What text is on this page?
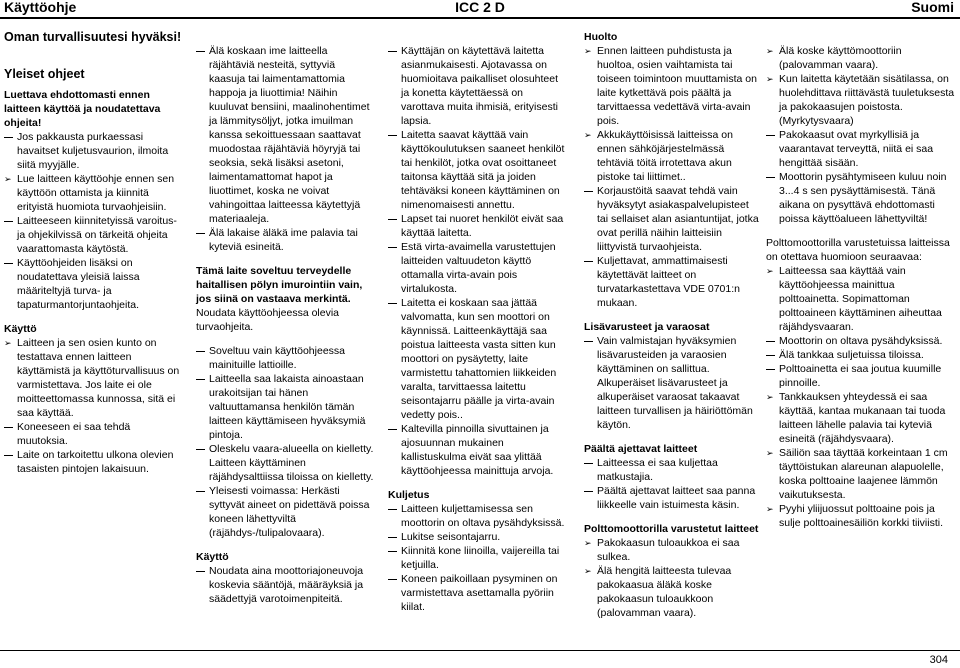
Käyttöohje	ICC 2 D	Suomi

Oman turvallisuutesi hyväksi!

Yleiset ohjeet

Luettava ehdottomasti ennen laitteen käyttöä ja noudatettava ohjeita!

Jos pakkausta purkaessasi havaitset kuljetusvaurion, ilmoita siitä myyjälle.
➢ Lue laitteen käyttöohje ennen sen käyttöön ottamista ja kiinnitä erityistä huomiota turvaohjeisiin.
Laitteeseen kiinnitetyissä varoitus- ja ohjekilvissä on tärkeitä ohjeita vaarattomasta käytöstä.
Käyttöohjeiden lisäksi on noudatettava yleisiä laissa määriteltyjä turva- ja tapaturmantorjuntaohjeita.

Käyttö

➢ Laitteen ja sen osien kunto on testattava ennen laitteen käyttämistä ja käyttöturvallisuus on varmistettava. Jos laite ei ole moitteettomassa kunnossa, sitä ei saa käyttää.
Koneeseen ei saa tehdä muutoksia.
Laite on tarkoitettu ulkona olevien tasaisten pintojen lakaisuun.
Älä koskaan ime laitteella räjähtäviä nesteitä, syttyviä kaasuja tai laimentamattomia happoja ja liuottimia! Näihin kuuluvat bensiini, maalinohentimet ja lämmitysöljyt, jotka imuilman kanssa sekoittuessaan saattavat muodostaa räjähtäviä höyryjä tai seoksia, sekä lisäksi asetoni, laimentamattomat hapot ja liuottimet, koska ne voivat vahingoittaa laitteessa käytettyjä materiaaleja.
Älä lakaise äläkä ime palavia tai kyteviä esineitä.

Tämä laite soveltuu terveydelle haitallisen pölyn imurointiin vain, jos siinä on vastaava merkintä.

Noudata käyttöohjeessa olevia turvaohjeita.

Soveltuu vain käyttöohjeessa mainituille lattioille.
Laitteella saa lakaista ainoastaan urakoitsijan tai hänen valtuuttamansa henkilön tämän laitteen käyttämiseen hyväksymiä pintoja.
Oleskelu vaara-alueella on kielletty. Laitteen käyttäminen räjähdysalttiissa tiloissa on kielletty.
Yleisesti voimassa: Herkästi syttyvät aineet on pidettävä poissa koneen lähettyviltä (räjähdys-/tulipalovaara).

Käyttö

Noudata aina moottoriajoneuvoja koskevia sääntöjä, määräyksiä ja säädettyjä varotoimenpiteitä.
Käyttäjän on käytettävä laitetta asianmukaisesti. Ajotavassa on huomioitava paikalliset olosuhteet ja konetta käytettäessä on varottava muita ihmisiä, erityisesti lapsia.
Laitetta saavat käyttää vain käyttökoulutuksen saaneet henkilöt tai henkilöt, jotka ovat osoittaneet taitonsa käyttää sitä ja joiden tehtäväksi koneen käyttäminen on nimenomaisesti annettu.
Lapset tai nuoret henkilöt eivät saa käyttää laitetta.
Estä virta-avaimella varustettujen laitteiden valtuudeton käyttö ottamalla virta-avain pois virtalukosta.
Laitetta ei koskaan saa jättää valvomatta, kun sen moottori on käynnissä. Laitteenkäyttäjä saa poistua laitteesta vasta sitten kun moottori on pysäytetty, laite varmistettu tahattomien liikkeiden varalta, tarvittaessa laitettu seisontajarru päälle ja virta-avain vedetty pois..
Kaltevilla pinnoilla sivuttainen ja ajosuunnan mukainen kallistuskulma eivät saa ylittää käyttöohjeessa mainittuja arvoja.

Kuljetus

Laitteen kuljettamisessa sen moottorin on oltava pysähdyksissä.
Lukitse seisontajarru.
Kiinnitä kone liinoilla, vaijereilla tai ketjuilla.
Koneen paikoillaan pysyminen on varmistettava asettamalla pyöriin kiilat.

Huolto

➢ Ennen laitteen puhdistusta ja huoltoa, osien vaihtamista tai toiseen toimintoon muuttamista on laite kytkettävä pois päältä ja tarvittaessa vedettävä virta-avain pois.
➢ Akkukäyttöisissä laitteissa on ennen sähköjärjestelmässä tehtäviä töitä irrotettava akun pistoke tai liittimet..
Korjaustöitä saavat tehdä vain hyväksytyt asiakaspalvelupisteet tai sellaiset alan asiantuntijat, jotka ovat perillä näihin laitteisiin liittyvistä turvaohjeista.
Kuljettavat, ammattimaisesti käytettävät laitteet on turvatarkastettava VDE 0701:n mukaan.

Lisävarusteet ja varaosat

Vain valmistajan hyväksymien lisävarusteiden ja varaosien käyttäminen on sallittua. Alkuperäiset lisävarusteet ja alkuperäiset varaosat takaavat laitteen turvallisen ja häiriöttömän käytön.

Päältä ajettavat laitteet

Laitteessa ei saa kuljettaa matkustajia.
Päältä ajettavat laitteet saa panna liikkeelle vain istuimesta käsin.

Polttomoottorilla varustetut laitteet

➢ Pakokaasun tuloaukkoa ei saa sulkea.
➢ Älä hengitä laitteesta tulevaa pakokaasua äläkä koske pakokaasun tuloaukkoon (palovamman vaara).
➢ Älä koske käyttömoottoriin (palovamman vaara).
➢ Kun laitetta käytetään sisätilassa, on huolehdittava riittävästä tuuletuksesta ja pakokaasujen poistosta. (Myrkytysvaara)
Pakokaasut ovat myrkyllisiä ja vaarantavat terveyttä, niitä ei saa hengittää sisään.
Moottorin pysähtymiseen kuluu noin 3...4 s sen pysäyttämisestä. Tänä aikana on pysyttävä ehdottomasti poissa käyttöalueen lähettyviltä!

Polttomoottorilla varustetuissa laitteissa on otettava huomioon seuraavaa:

➢ Laitteessa saa käyttää vain käyttöohjeessa mainittua polttoainetta. Sopimattoman polttoaineen käyttäminen aiheuttaa räjähdysvaaran.
Moottorin on oltava pysähdyksissä.
Älä tankkaa suljetuissa tiloissa.
Polttoainetta ei saa joutua kuumille pinnoille.
➢ Tankkauksen yhteydessä ei saa käyttää, kantaa mukanaan tai tuoda laitteen lähelle palavia tai kyteviä esineitä (räjähdysvaara).
➢ Säiliön saa täyttää korkeintaan 1 cm täyttöistukan alareunan alapuolelle, koska polttoaine laajenee lämmön vaikutuksesta.
➢ Pyyhi yliijuossut polttoaine pois ja sulje polttoainesäiliön korkki tiiviisti.
304
